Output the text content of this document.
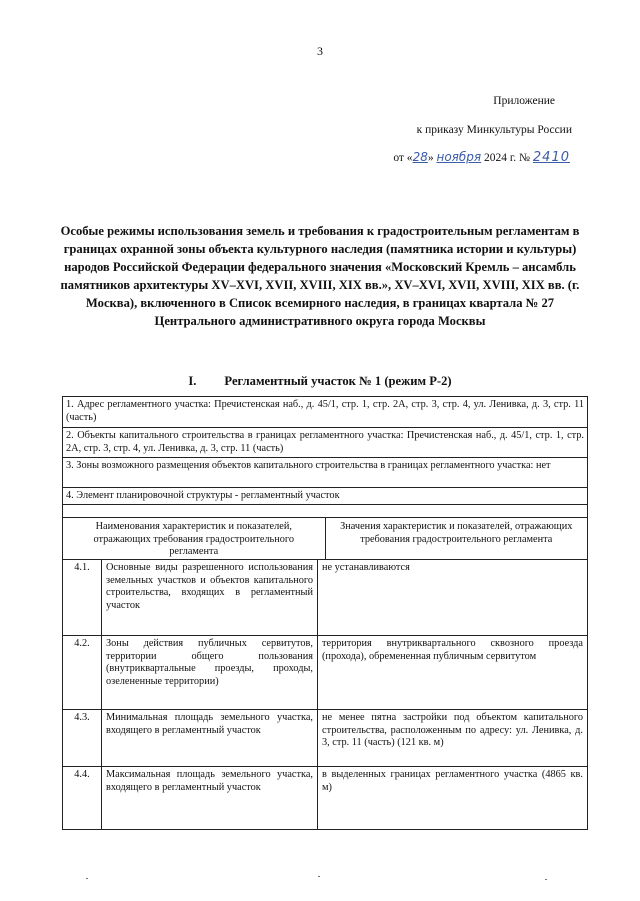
3
Приложение
к приказу Минкультуры России
от «28» ноября 2024 г. № 2410
Особые режимы использования земель и требования к градостроительным регламентам в границах охранной зоны объекта культурного наследия (памятника истории и культуры) народов Российской Федерации федерального значения «Московский Кремль – ансамбль памятников архитектуры XV–XVI, XVII, XVIII, XIX вв.», XV–XVI, XVII, XVIII, XIX вв. (г. Москва), включенного в Список всемирного наследия, в границах квартала № 27 Центрального административного округа города Москвы
I. Регламентный участок № 1 (режим Р-2)
1. Адрес регламентного участка: Пречистенская наб., д. 45/1, стр. 1, стр. 2А, стр. 3, стр. 4, ул. Ленивка, д. 3, стр. 11 (часть)
2. Объекты капитального строительства в границах регламентного участка: Пречистенская наб., д. 45/1, стр. 1, стр. 2А, стр. 3, стр. 4, ул. Ленивка, д. 3, стр. 11 (часть)
3. Зоны возможного размещения объектов капитального строительства в границах регламентного участка: нет
4. Элемент планировочной структуры - регламентный участок
Наименования характеристик и показателей, отражающих требования градостроительного регламента
Значения характеристик и показателей, отражающих требования градостроительного регламента
4.1.	Основные виды разрешенного использования земельных участков и объектов капитального строительства, входящих в регламентный участок
не устанавливаются
4.2.	Зоны действия публичных сервитутов, территории общего пользования (внутриквартальные проезды, проходы, озелененные территории)
территория внутриквартального сквозного проезда (прохода), обремененная публичным сервитутом
4.3.	Минимальная площадь земельного участка, входящего в регламентный участок
не менее пятна застройки под объектом капитального строительства, расположенным по адресу: ул. Ленивка, д. 3, стр. 11 (часть) (121 кв. м)
4.4.	Максимальная площадь земельного участка, входящего в регламентный участок
в выделенных границах регламентного участка (4865 кв. м)
